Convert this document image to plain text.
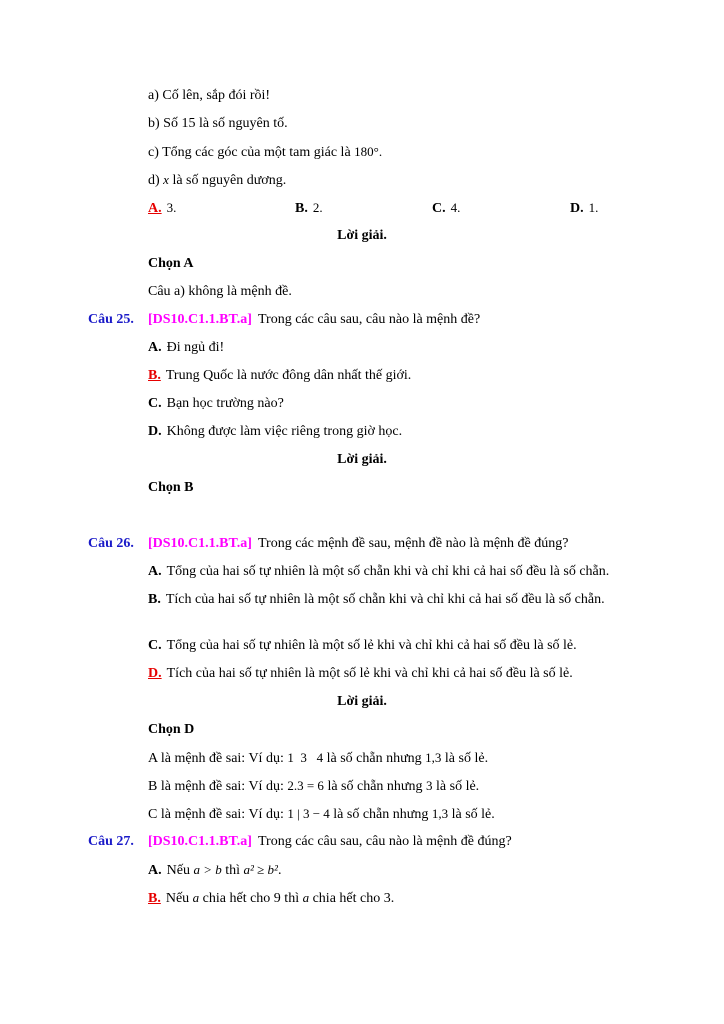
a) Cố lên, sắp đói rồi!
b) Số 15 là số nguyên tố.
c) Tổng các góc của một tam giác là 180°.
d) x là số nguyên dương.
A. 3.	B. 2.	C. 4.	D. 1.
Lời giải.
Chọn A
Câu a) không là mệnh đề.
Câu 25. [DS10.C1.1.BT.a] Trong các câu sau, câu nào là mệnh đề?
A. Đi ngủ đi!
B. Trung Quốc là nước đông dân nhất thế giới.
C. Bạn học trường nào?
D. Không được làm việc riêng trong giờ học.
Lời giải.
Chọn B
Câu 26. [DS10.C1.1.BT.a] Trong các mệnh đề sau, mệnh đề nào là mệnh đề đúng?
A. Tổng của hai số tự nhiên là một số chẵn khi và chỉ khi cả hai số đều là số chẵn.
B. Tích của hai số tự nhiên là một số chẵn khi và chỉ khi cả hai số đều là số chẵn.
C. Tổng của hai số tự nhiên là một số lẻ khi và chỉ khi cả hai số đều là số lẻ.
D. Tích của hai số tự nhiên là một số lẻ khi và chỉ khi cả hai số đều là số lẻ.
Lời giải.
Chọn D
A là mệnh đề sai: Ví dụ: 1  3   4 là số chẵn nhưng 1,3 là số lẻ.
B là mệnh đề sai: Ví dụ: 2.3 = 6 là số chẵn nhưng 3 là số lẻ.
C là mệnh đề sai: Ví dụ: 1 | 3 − 4 là số chẵn nhưng 1,3 là số lẻ.
Câu 27. [DS10.C1.1.BT.a] Trong các câu sau, câu nào là mệnh đề đúng?
A. Nếu a > b thì a² ≥ b².
B. Nếu a chia hết cho 9 thì a chia hết cho 3.
